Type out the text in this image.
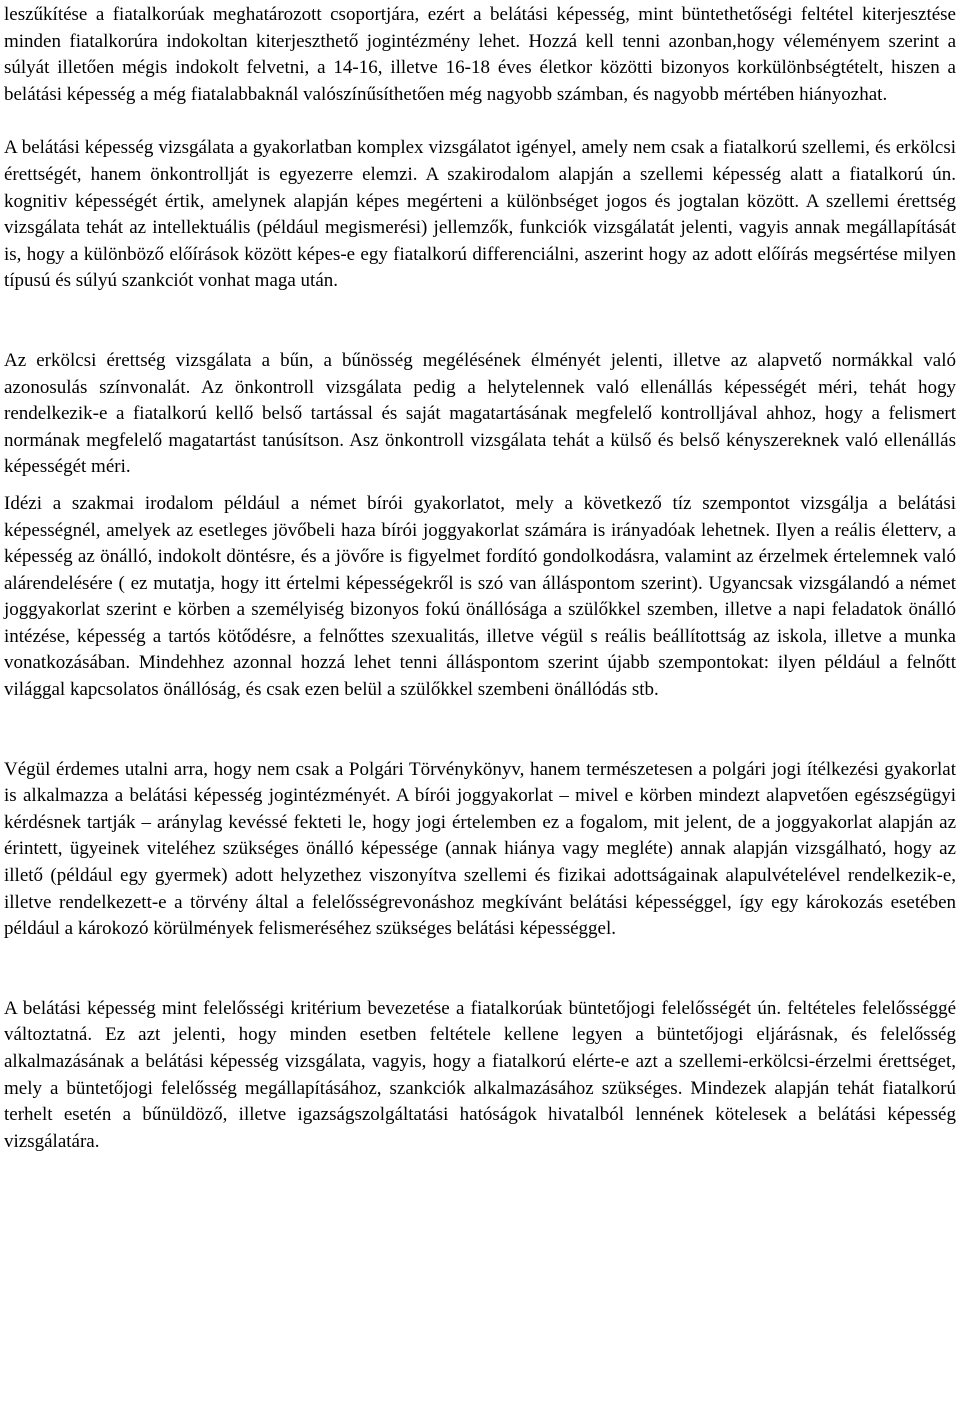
leszűkítése a fiatalkorúak meghatározott csoportjára, ezért a belátási képesség, mint büntethetőségi feltétel kiterjesztése minden fiatalkorúra indokoltan kiterjeszthető jogintézmény lehet. Hozzá kell tenni azonban,hogy véleményem szerint a súlyát illetően mégis indokolt felvetni, a 14-16, illetve 16-18 éves életkor közötti bizonyos korkülönbségtételt, hiszen a belátási képesség a még fiatalabbaknál valószínűsíthetően még nagyobb számban, és nagyobb mértében hiányozhat.

A belátási képesség vizsgálata a gyakorlatban komplex vizsgálatot igényel, amely nem csak a fiatalkorú szellemi, és erkölcsi érettségét, hanem önkontrollját is egyezerre elemzi. A szakirodalom alapján a szellemi képesség alatt a fiatalkorú ún. kognitiv képességét értik, amelynek alapján képes megérteni a különbséget jogos és jogtalan között. A szellemi érettség vizsgálata tehát az intellektuális (például megismerési) jellemzők, funkciók vizsgálatát jelenti, vagyis annak megállapítását is, hogy a különböző előírások között képes-e egy fiatalkorú differenciálni, aszerint hogy az adott előírás megsértése milyen típusú és súlyú szankciót vonhat maga után.

Az erkölcsi érettség vizsgálata a bűn, a bűnösség megélésének élményét jelenti, illetve az alapvető normákkal való azonosulás színvonalát. Az önkontroll vizsgálata pedig a helytelennek való ellenállás képességét méri, tehát hogy rendelkezik-e a fiatalkorú kellő belső tartással és saját magatartásának megfelelő kontrolljával ahhoz, hogy a felismert normának megfelelő magatartást tanúsítson. Asz önkontroll vizsgálata tehát a külső és belső kényszereknek való ellenállás képességét méri.

Idézi a szakmai irodalom például a német bírói gyakorlatot, mely a következő tíz szempontot vizsgálja a belátási képességnél, amelyek az esetleges jövőbeli haza bírói joggyakorlat számára is irányadóak lehetnek. Ilyen a reális életterv, a képesség az önálló, indokolt döntésre, és a jövőre is figyelmet fordító gondolkodásra, valamint az érzelmek értelemnek való alárendelésére ( ez mutatja, hogy itt értelmi képességekről is szó van álláspontom szerint). Ugyancsak vizsgálandó a német joggyakorlat szerint e körben a személyiség bizonyos fokú önállósága a szülőkkel szemben, illetve a napi feladatok önálló intézése, képesség a tartós kötődésre, a felnőttes szexualitás, illetve végül s reális beállítottság az iskola, illetve a munka vonatkozásában. Mindehhez azonnal hozzá lehet tenni álláspontom szerint újabb szempontokat: ilyen például a felnőtt világgal kapcsolatos önállóság, és csak ezen belül a szülőkkel szembeni önállódás stb.

Végül érdemes utalni arra, hogy nem csak a Polgári Törvénykönyv, hanem természetesen a polgári jogi ítélkezési gyakorlat is alkalmazza a belátási képesség jogintézményét. A bírói joggyakorlat – mivel e körben mindezt alapvetően egészségügyi kérdésnek tartják – aránylag kevéssé fekteti le, hogy jogi értelemben ez a fogalom, mit jelent, de a joggyakorlat alapján az érintett, ügyeinek viteléhez szükséges önálló képessége (annak hiánya vagy megléte) annak alapján vizsgálható, hogy az illető (például egy gyermek) adott helyzethez viszonyítva szellemi és fizikai adottságainak alapulvételével rendelkezik-e, illetve rendelkezett-e a törvény által a felelősségrevonáshoz megkívánt belátási képességgel, így egy károkozás esetében például a károkozó körülmények felismeréséhez szükséges belátási képességgel.

A belátási képesség mint felelősségi kritérium bevezetése a fiatalkorúak büntetőjogi felelősségét ún. feltételes felelősséggé változtatná. Ez azt jelenti, hogy minden esetben feltétele kellene legyen a büntetőjogi eljárásnak, és felelősség alkalmazásának a belátási képesség vizsgálata, vagyis, hogy a fiatalkorú elérte-e azt a szellemi-erkölcsi-érzelmi érettséget, mely a büntetőjogi felelősség megállapításához, szankciók alkalmazásához szükséges. Mindezek alapján tehát fiatalkorú terhelt esetén a bűnüldöző, illetve igazságszolgáltatási hatóságok hivatalból lennének kötelesek a belátási képesség vizsgálatára.
